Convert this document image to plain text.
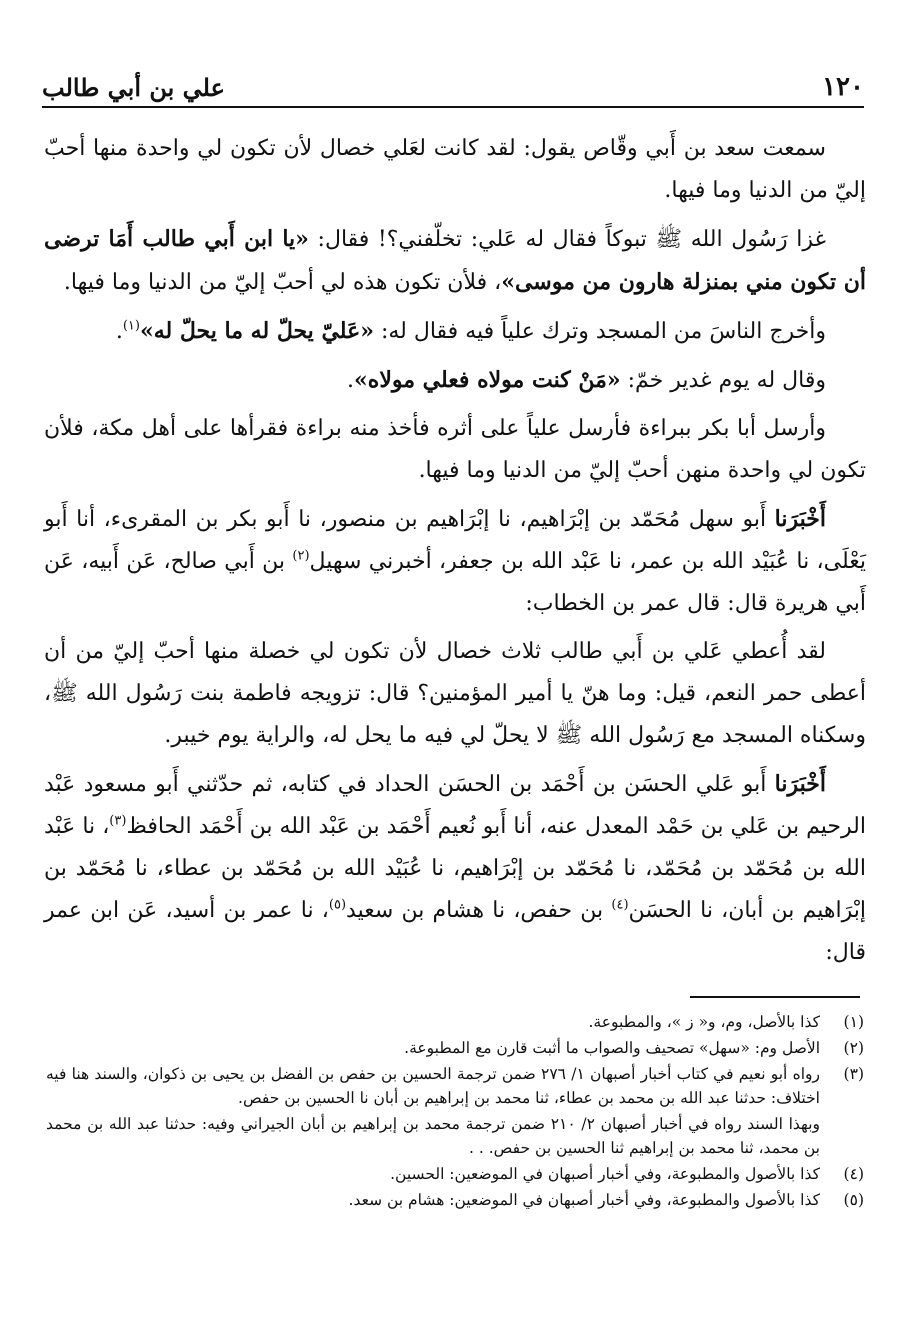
١٢٠
علي بن أبي طالب

سمعت سعد بن أَبي وقّاص يقول: لقد كانت لعَلي خصال لأن تكون لي واحدة منها أحبّ إليّ من الدنيا وما فيها.

غزا رَسُول الله ﷺ تبوكاً فقال له عَلي: تخلّفني؟! فقال: «يا ابن أَبي طالب أَمَا ترضى أن تكون مني بمنزلة هارون من موسى»، فلأن تكون هذه لي أحبّ إليّ من الدنيا وما فيها.

وأخرج الناسَ من المسجد وترك علياً فيه فقال له: «عَليّ يحلّ له ما يحلّ له»$^{(١)}$.

وقال له يوم غدير خمّ: «مَنْ كنت مولاه فعلي مولاه».

وأرسل أبا بكر ببراءة فأرسل علياً على أثره فأخذ منه براءة فقرأها على أهل مكة، فلأن تكون لي واحدة منهن أحبّ إليّ من الدنيا وما فيها.

أَخْبَرَنا أَبو سهل مُحَمّد بن إبْرَاهيم، نا إبْرَاهيم بن منصور، نا أَبو بكر بن المقرىء، أنا أَبو يَعْلَى، نا عُبَيْد الله بن عمر، نا عَبْد الله بن جعفر، أخبرني سهيل$^{(٢)}$ بن أَبي صالح، عَن أَبيه، عَن أَبي هريرة قال: قال عمر بن الخطاب:

لقد أُعطي عَلي بن أَبي طالب ثلاث خصال لأن تكون لي خصلة منها أحبّ إليّ من أن أعطى حمر النعم، قيل: وما هنّ يا أمير المؤمنين؟ قال: تزويجه فاطمة بنت رَسُول الله ﷺ، وسكناه المسجد مع رَسُول الله ﷺ لا يحلّ لي فيه ما يحل له، والراية يوم خيبر.

أَخْبَرَنا أَبو عَلي الحسَن بن أَحْمَد بن الحسَن الحداد في كتابه، ثم حدّثني أَبو مسعود عَبْد الرحيم بن عَلي بن حَمْد المعدل عنه، أنا أَبو نُعيم أَحْمَد بن عَبْد الله بن أَحْمَد الحافظ$^{(٣)}$، نا عَبْد الله بن مُحَمّد بن مُحَمّد، نا مُحَمّد بن إبْرَاهيم، نا عُبَيْد الله بن مُحَمّد بن عطاء، نا مُحَمّد بن إبْرَاهيم بن أبان، نا الحسَن$^{(٤)}$ بن حفص، نا هشام بن سعيد$^{(٥)}$، نا عمر بن أسيد، عَن ابن عمر قال:

(١)
كذا بالأصل، وم، و« ز »، والمطبوعة.
(٢)
الأصل وم: «سهل» تصحيف والصواب ما أثبت قارن مع المطبوعة.
(٣)
رواه أبو نعيم في كتاب أخبار أصبهان ١/ ٢٧٦ ضمن ترجمة الحسين بن حفص بن الفضل بن يحيى بن ذكوان، والسند هنا فيه اختلاف: حدثنا عبد الله بن محمد بن عطاء، ثنا محمد بن إبراهيم بن أبان نا الحسين بن حفص.
وبهذا السند رواه في أخبار أصبهان ٢/ ٢١٠ ضمن ترجمة محمد بن إبراهيم بن أبان الجيراني وفيه: حدثنا عبد الله بن محمد بن محمد، ثنا محمد بن إبراهيم ثنا الحسين بن حفص. . .
(٤)
كذا بالأصول والمطبوعة، وفي أخبار أصبهان في الموضعين: الحسين.
(٥)
كذا بالأصول والمطبوعة، وفي أخبار أصبهان في الموضعين: هشام بن سعد.
